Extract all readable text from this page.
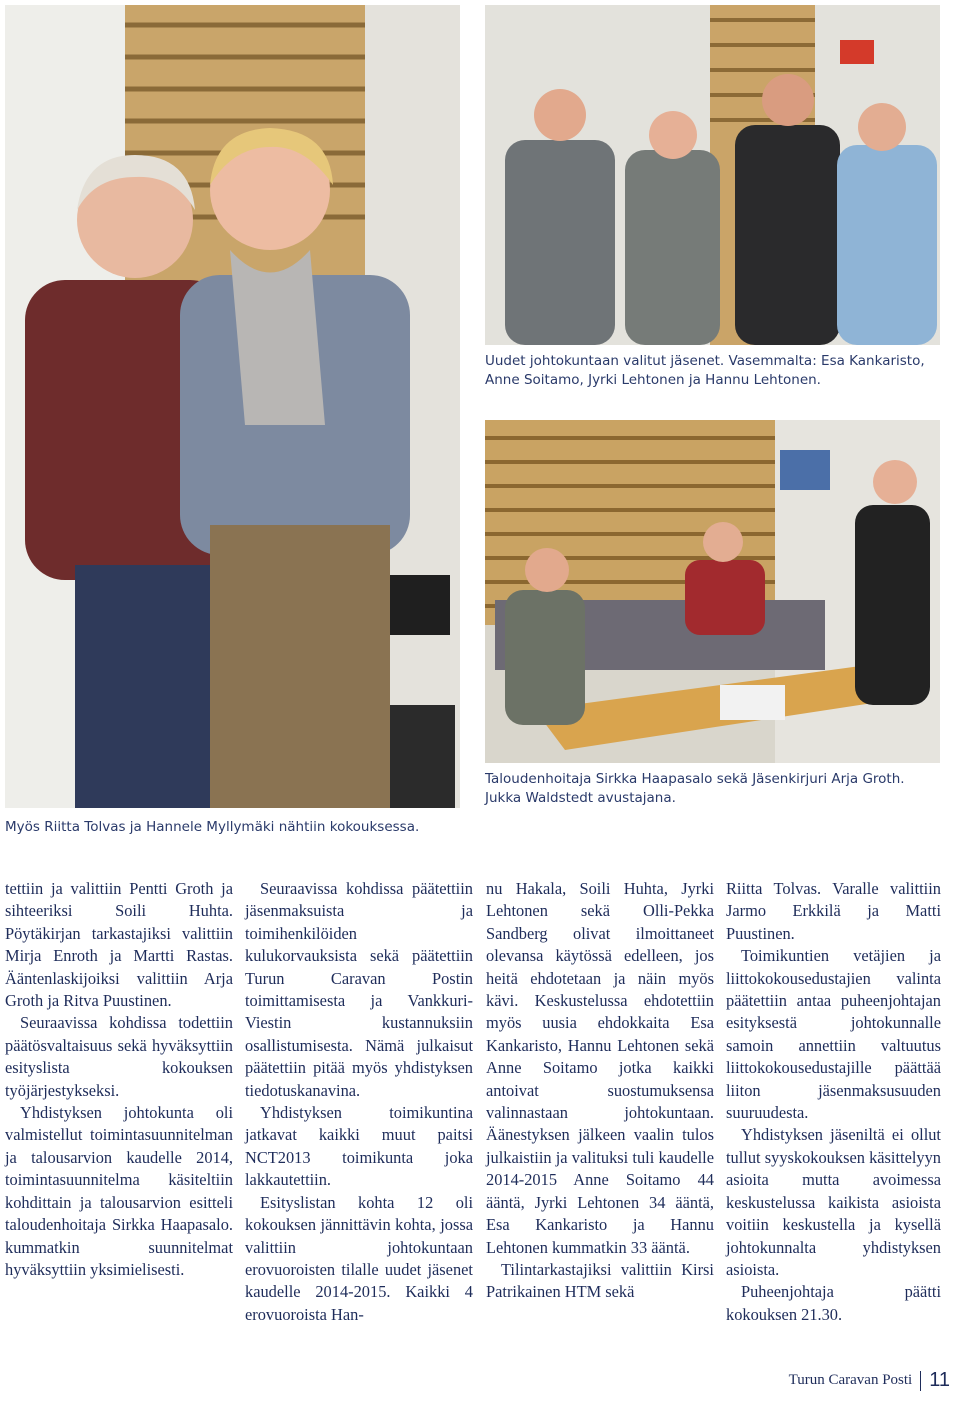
Myös Riitta Tolvas ja Hannele Myllymäki nähtiin kokouksessa.
Uudet johtokuntaan valitut jäsenet. Vasemmalta: Esa Kankaristo,
Anne Soitamo, Jyrki Lehtonen ja Hannu Lehtonen.
Taloudenhoitaja Sirkka Haapasalo sekä Jäsenkirjuri Arja Groth.
Jukka Waldstedt avustajana.

tettiin ja valittiin Pentti Groth ja sihteeriksi Soili Huhta. Pöytäkirjan tarkastajiksi valittiin Mirja Enroth ja Martti Rastas. Ääntenlaskijoiksi valittiin Arja Groth ja Ritva Puustinen.

Seuraavissa kohdissa todettiin päätösvaltaisuus sekä hyväksyttiin esityslista kokouksen työjärjestykseksi.

Yhdistyksen johtokunta oli valmistellut toimintasuunnitelman ja talousarvion kaudelle 2014, toimintasuunnitelma käsiteltiin kohdittain ja talousarvion esitteli taloudenhoitaja Sirkka Haapasalo. kummatkin suunnitelmat hyväksyttiin yksimielisesti.

Seuraavissa kohdissa päätettiin jäsenmaksuista ja toimihenkilöiden kulukorvauksista sekä päätettiin Turun Caravan Postin toimittamisesta ja Vankkuri-Viestin kustannuksiin osallistumisesta. Nämä julkaisut päätettiin pitää myös yhdistyksen tiedotuskanavina.

Yhdistyksen toimikuntina jatkavat kaikki muut paitsi NCT2013 toimikunta joka lakkautettiin.

Esityslistan kohta 12 oli kokouksen jännittävin kohta, jossa valittiin johtokuntaan erovuoroisten tilalle uudet jäsenet kaudelle 2014-2015. Kaikki 4 erovuoroista Han-

nu Hakala, Soili Huhta, Jyrki Lehtonen sekä Olli-Pekka Sandberg olivat ilmoittaneet olevansa käytössä edelleen, jos heitä ehdotetaan ja näin myös kävi. Keskustelussa ehdotettiin myös uusia ehdokkaita Esa Kankaristo, Hannu Lehtonen sekä Anne Soitamo jotka kaikki antoivat suostumuksensa valinnastaan johtokuntaan. Äänestyksen jälkeen vaalin tulos julkaistiin ja valituksi tuli kaudelle 2014-2015 Anne Soitamo 44 ääntä, Jyrki Lehtonen 34 ääntä, Esa Kankaristo ja Hannu Lehtonen kummatkin 33 ääntä.

Tilintarkastajiksi valittiin Kirsi Patrikainen HTM sekä

Riitta Tolvas. Varalle valittiin Jarmo Erkkilä ja Matti Puustinen.

Toimikuntien vetäjien ja liittokokousedustajien valinta päätettiin antaa puheenjohtajan esityksestä johtokunnalle samoin annettiin valtuutus liittokokousedustajille päättää liiton jäsenmaksusuuden suuruudesta.

Yhdistyksen jäseniltä ei ollut tullut syyskokouksen käsittelyyn asioita mutta avoimessa keskustelussa kaikista asioista voitiin keskustella ja kysellä johtokunnalta yhdistyksen asioista.

Puheenjohtaja päätti kokouksen 21.30.

Turun Caravan Posti 11
